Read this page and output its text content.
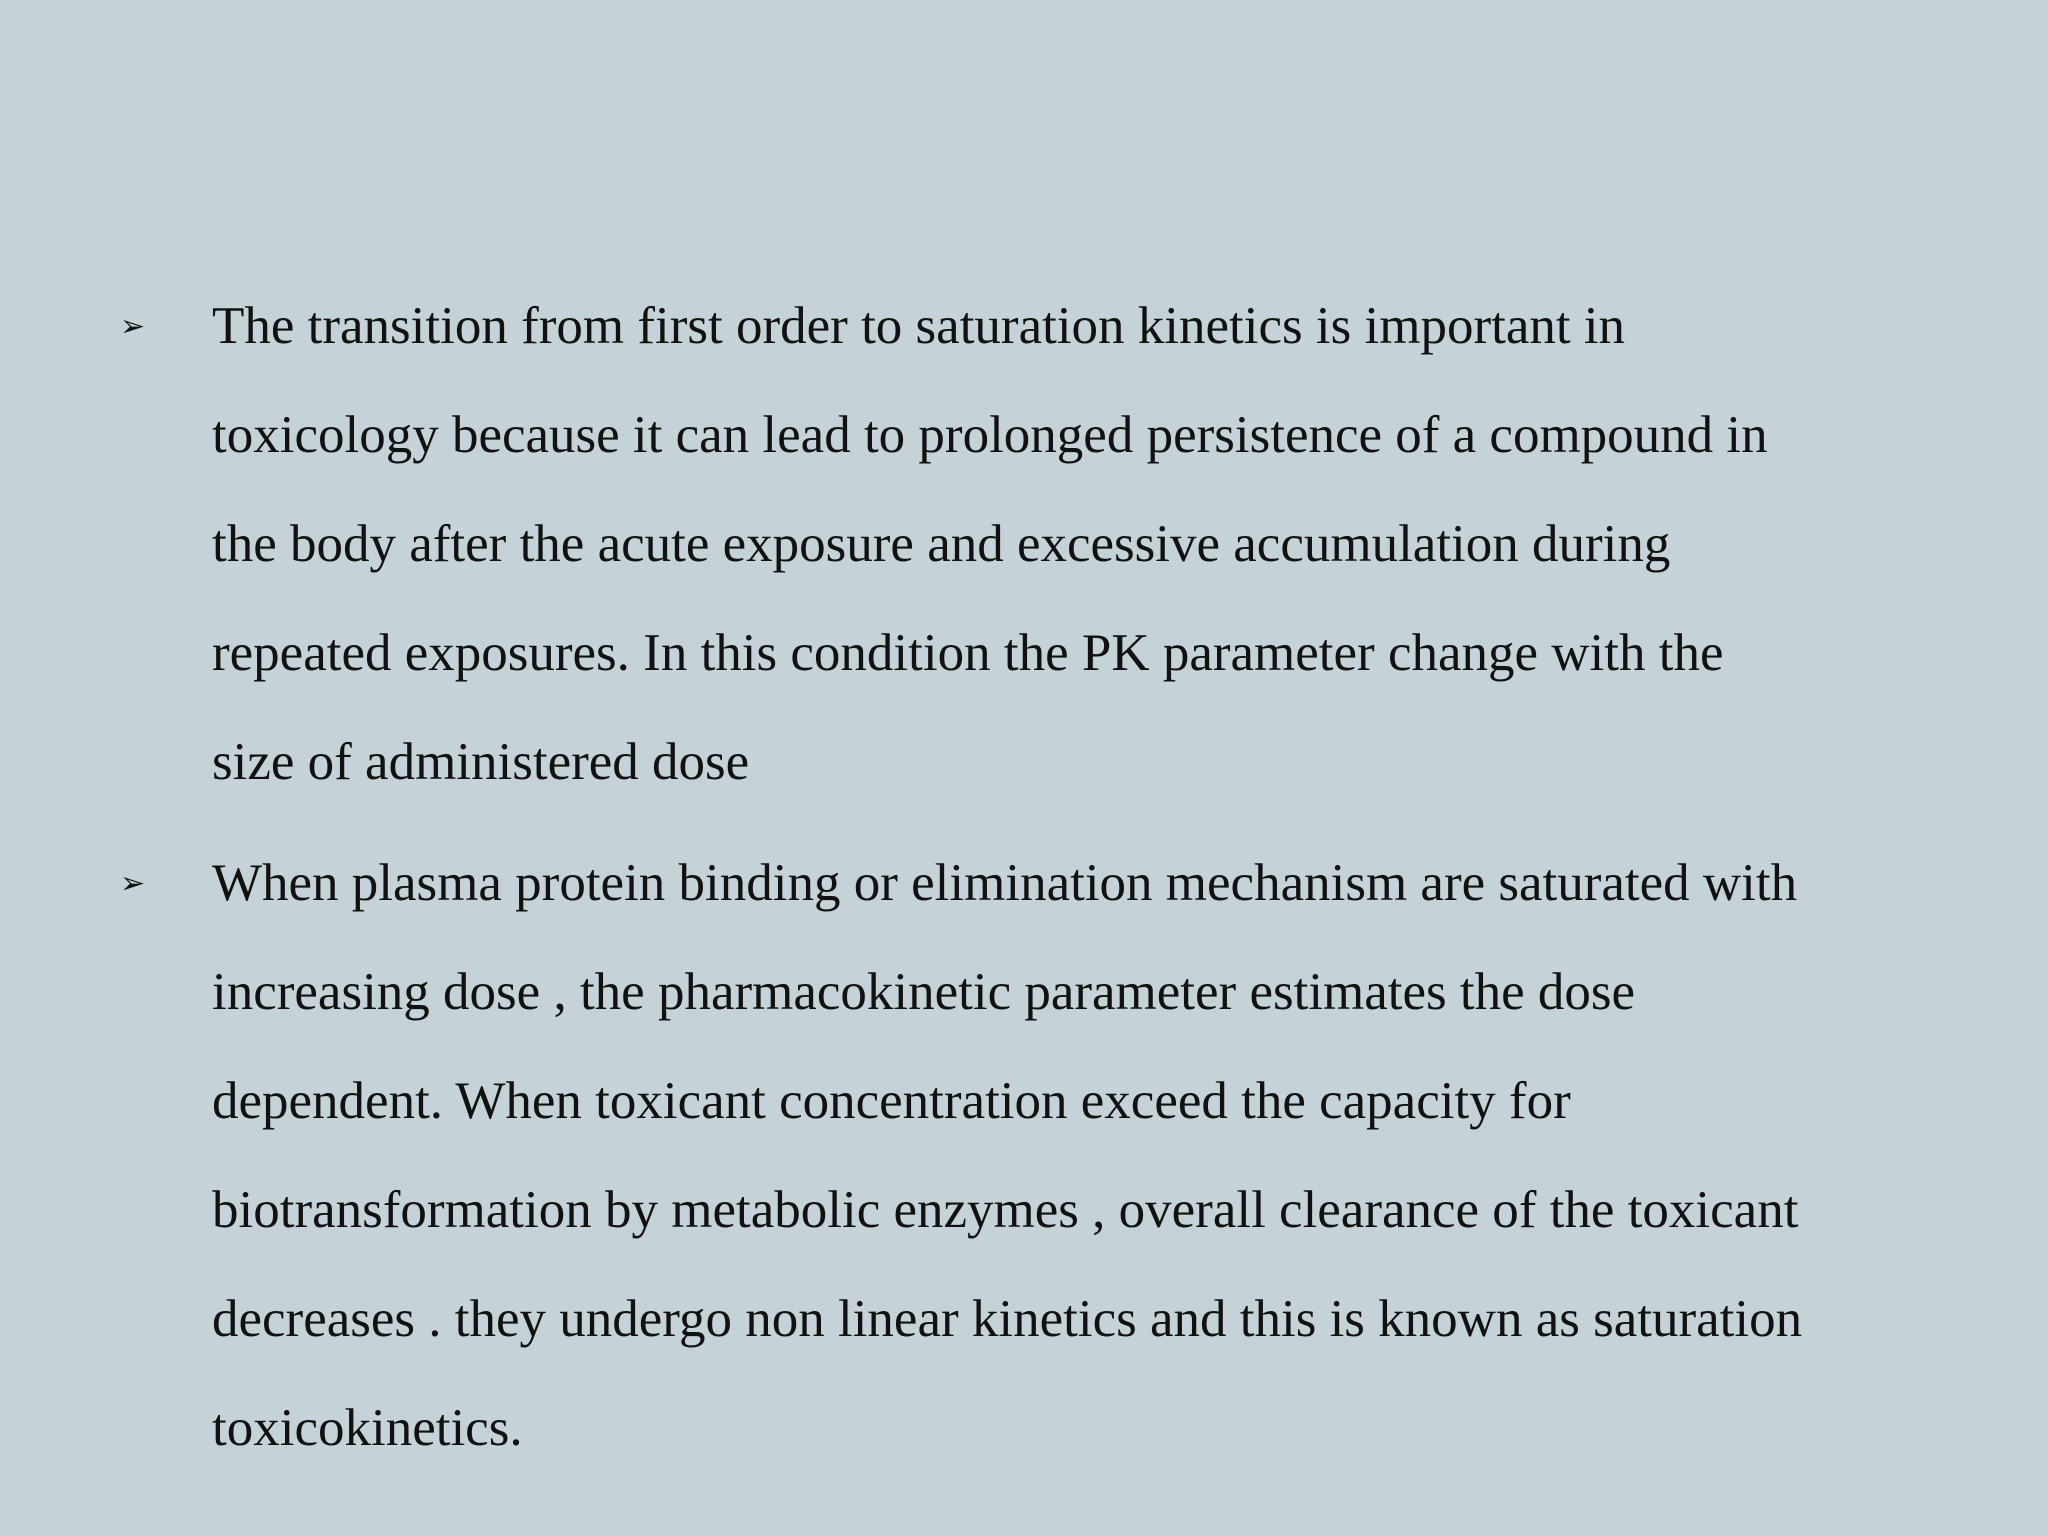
➢	The transition from first order to saturation kinetics is important in
toxicology because it can lead to prolonged persistence of a compound in
the body after the acute exposure and excessive accumulation during
repeated exposures. In this condition the PK parameter change with the
size of administered dose
➢	When plasma protein binding or elimination mechanism are saturated with
increasing dose , the pharmacokinetic parameter estimates the dose
dependent. When toxicant concentration exceed the capacity for
biotransformation by metabolic enzymes , overall clearance of the toxicant
decreases . they undergo non linear kinetics and this is known as saturation
toxicokinetics.
